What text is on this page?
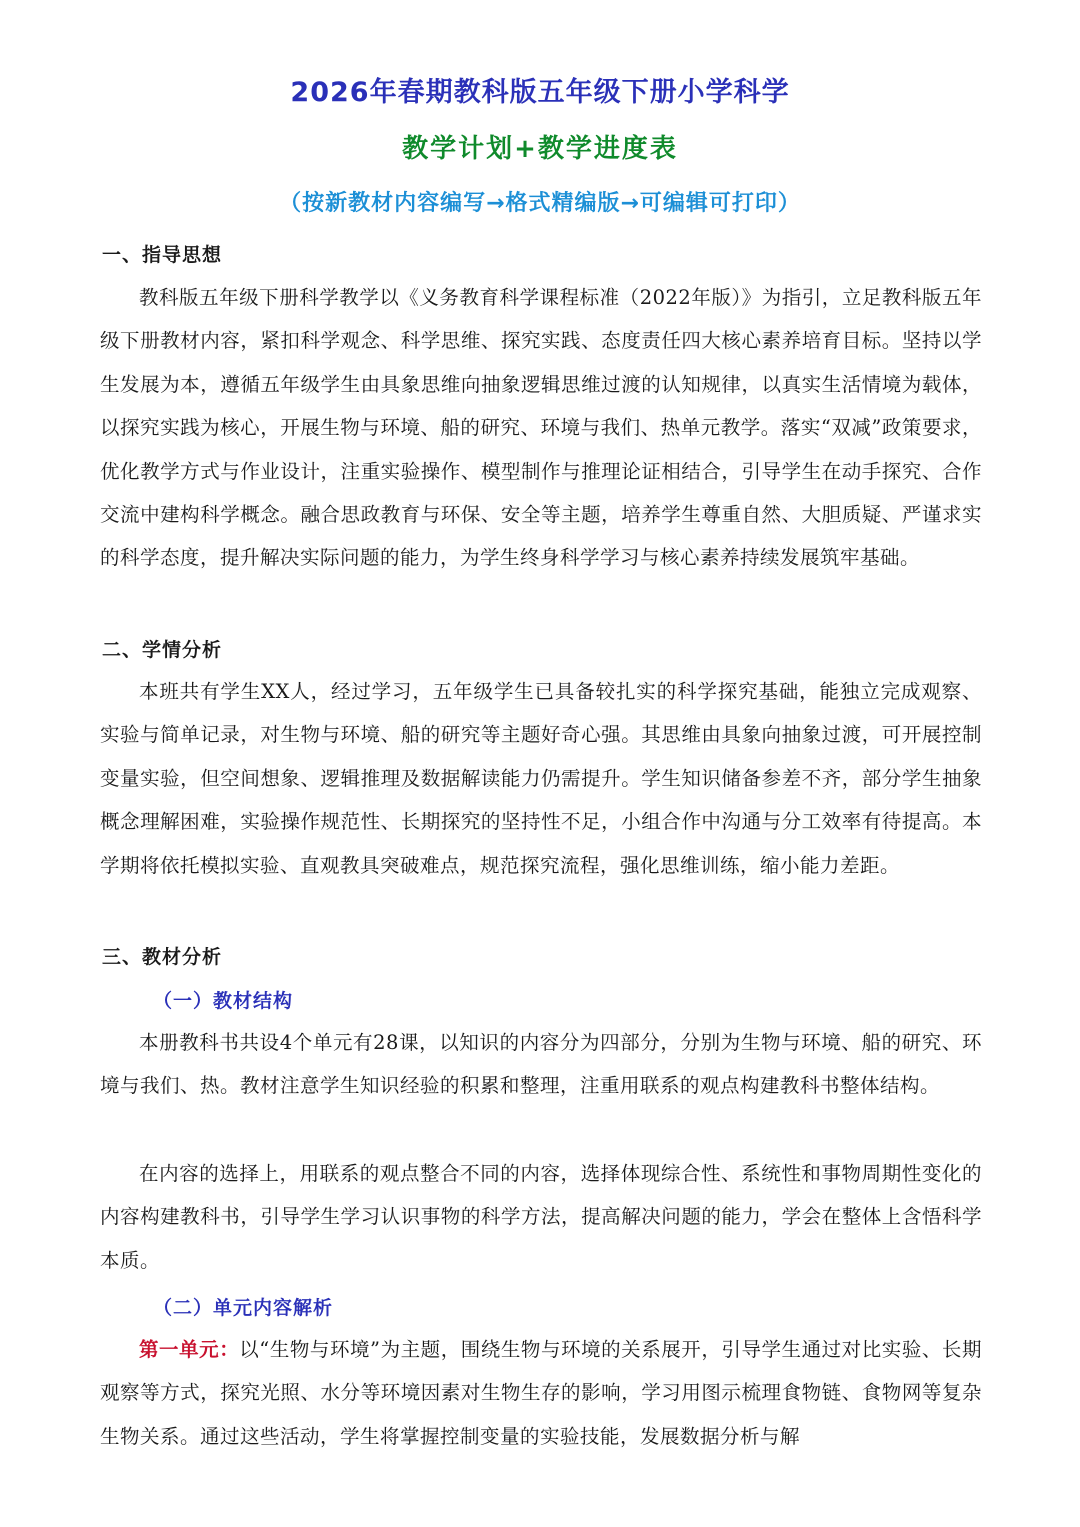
2026年春期教科版五年级下册小学科学
教学计划+教学进度表
（按新教材内容编写→格式精编版→可编辑可打印）
一、指导思想

教科版五年级下册科学教学以《义务教育科学课程标准（2022年版）》为指引，立足教科版五年级下册教材内容，紧扣科学观念、科学思维、探究实践、态度责任四大核心素养培育目标。坚持以学生发展为本，遵循五年级学生由具象思维向抽象逻辑思维过渡的认知规律，以真实生活情境为载体，以探究实践为核心，开展生物与环境、船的研究、环境与我们、热单元教学。落实“双减”政策要求，优化教学方式与作业设计，注重实验操作、模型制作与推理论证相结合，引导学生在动手探究、合作交流中建构科学概念。融合思政教育与环保、安全等主题，培养学生尊重自然、大胆质疑、严谨求实的科学态度，提升解决实际问题的能力，为学生终身科学学习与核心素养持续发展筑牢基础。

二、学情分析

本班共有学生XX人，经过学习，五年级学生已具备较扎实的科学探究基础，能独立完成观察、实验与简单记录，对生物与环境、船的研究等主题好奇心强。其思维由具象向抽象过渡，可开展控制变量实验，但空间想象、逻辑推理及数据解读能力仍需提升。学生知识储备参差不齐，部分学生抽象概念理解困难，实验操作规范性、长期探究的坚持性不足，小组合作中沟通与分工效率有待提高。本学期将依托模拟实验、直观教具突破难点，规范探究流程，强化思维训练，缩小能力差距。

三、教材分析
（一）教材结构

本册教科书共设4个单元有28课，以知识的内容分为四部分，分别为生物与环境、船的研究、环境与我们、热。教材注意学生知识经验的积累和整理，注重用联系的观点构建教科书整体结构。

在内容的选择上，用联系的观点整合不同的内容，选择体现综合性、系统性和事物周期性变化的内容构建教科书，引导学生学习认识事物的科学方法，提高解决问题的能力，学会在整体上含悟科学本质。

（二）单元内容解析

第一单元：以“生物与环境”为主题，围绕生物与环境的关系展开，引导学生通过对比实验、长期观察等方式，探究光照、水分等环境因素对生物生存的影响，学习用图示梳理食物链、食物网等复杂生物关系。通过这些活动，学生将掌握控制变量的实验技能，发展数据分析与解
